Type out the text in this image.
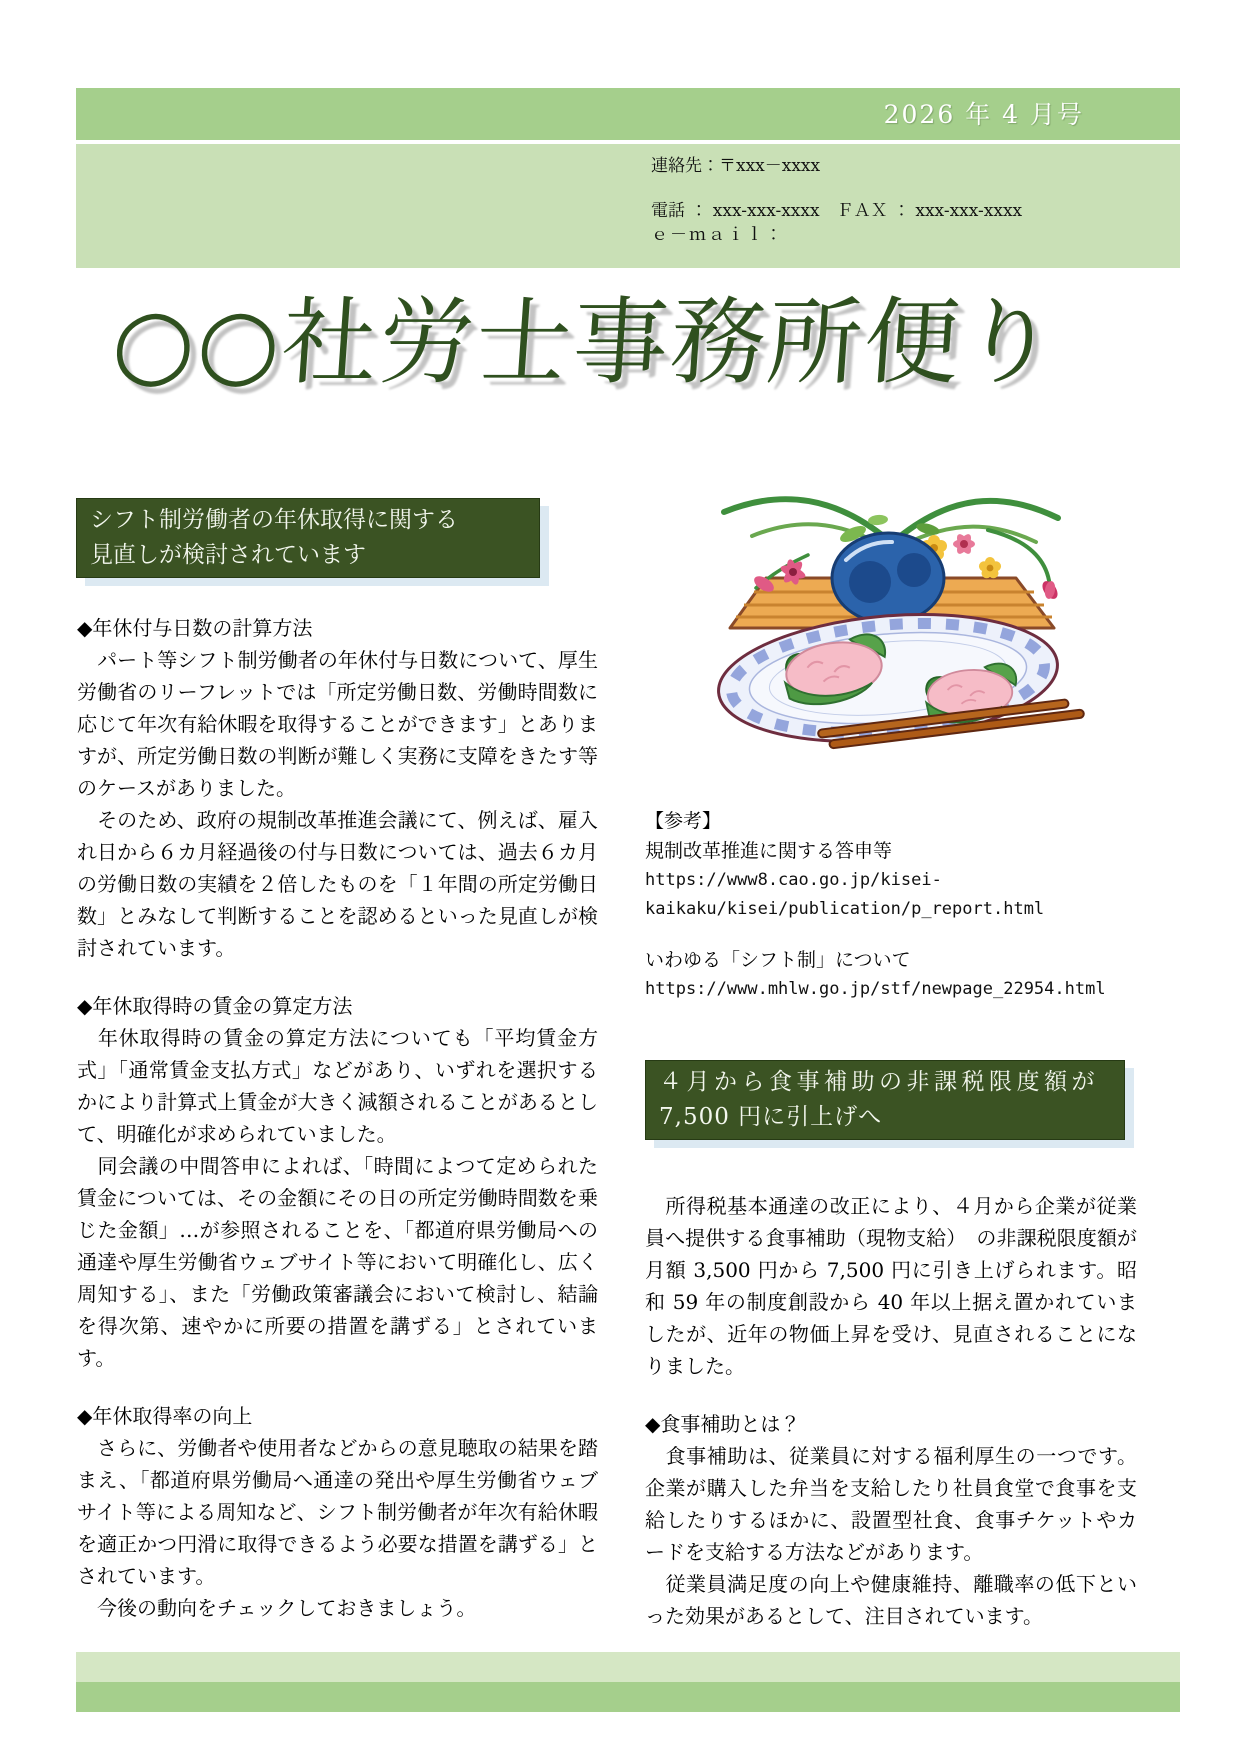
2026 年 4 月号
連絡先：〒xxx－xxxx
電話 ： xxx-xxx-xxxx　ＦＡＸ ： xxx-xxx-xxxx
ｅ－ｍａｉｌ：
○○社労士事務所便り
シフト制労働者の年休取得に関する
見直しが検討されています

◆年休付与日数の計算方法

　パート等シフト制労働者の年休付与日数について、厚生労働省のリーフレットでは「所定労働日数、労働時間数に応じて年次有給休暇を取得することができます」とありますが、所定労働日数の判断が難しく実務に支障をきたす等のケースがありました。

　そのため、政府の規制改革推進会議にて、例えば、雇入れ日から６カ月経過後の付与日数については、過去６カ月の労働日数の実績を２倍したものを「１年間の所定労働日数」とみなして判断することを認めるといった見直しが検討されています。

◆年休取得時の賃金の算定方法

　年休取得時の賃金の算定方法についても「平均賃金方式」「通常賃金支払方式」などがあり、いずれを選択するかにより計算式上賃金が大きく減額されることがあるとして、明確化が求められていました。

　同会議の中間答申によれば、「時間によつて定められた賃金については、その金額にその日の所定労働時間数を乗じた金額」…が参照されることを、「都道府県労働局への通達や厚生労働省ウェブサイト等において明確化し、広く周知する」、また「労働政策審議会において検討し、結論を得次第、速やかに所要の措置を講ずる」とされています。

◆年休取得率の向上

　さらに、労働者や使用者などからの意見聴取の結果を踏まえ、「都道府県労働局へ通達の発出や厚生労働省ウェブサイト等による周知など、シフト制労働者が年次有給休暇を適正かつ円滑に取得できるよう必要な措置を講ずる」とされています。

　今後の動向をチェックしておきましょう。

【参考】
規制改革推進に関する答申等
https://www8.cao.go.jp/kisei-
kaikaku/kisei/publication/p_report.html
いわゆる「シフト制」について
https://www.mhlw.go.jp/stf/newpage_22954.html
４月から食事補助の非課税限度額が
7,500 円に引上げへ

　所得税基本通達の改正により、４月から企業が従業員へ提供する食事補助（現物支給）　の非課税限度額が月額 3,500 円から 7,500 円に引き上げられます。昭和 59 年の制度創設から 40 年以上据え置かれていましたが、近年の物価上昇を受け、見直されることになりました。

◆食事補助とは？

　食事補助は、従業員に対する福利厚生の一つです。企業が購入した弁当を支給したり社員食堂で食事を支給したりするほかに、設置型社食、食事チケットやカードを支給する方法などがあります。

　従業員満足度の向上や健康維持、離職率の低下といった効果があるとして、注目されています。
